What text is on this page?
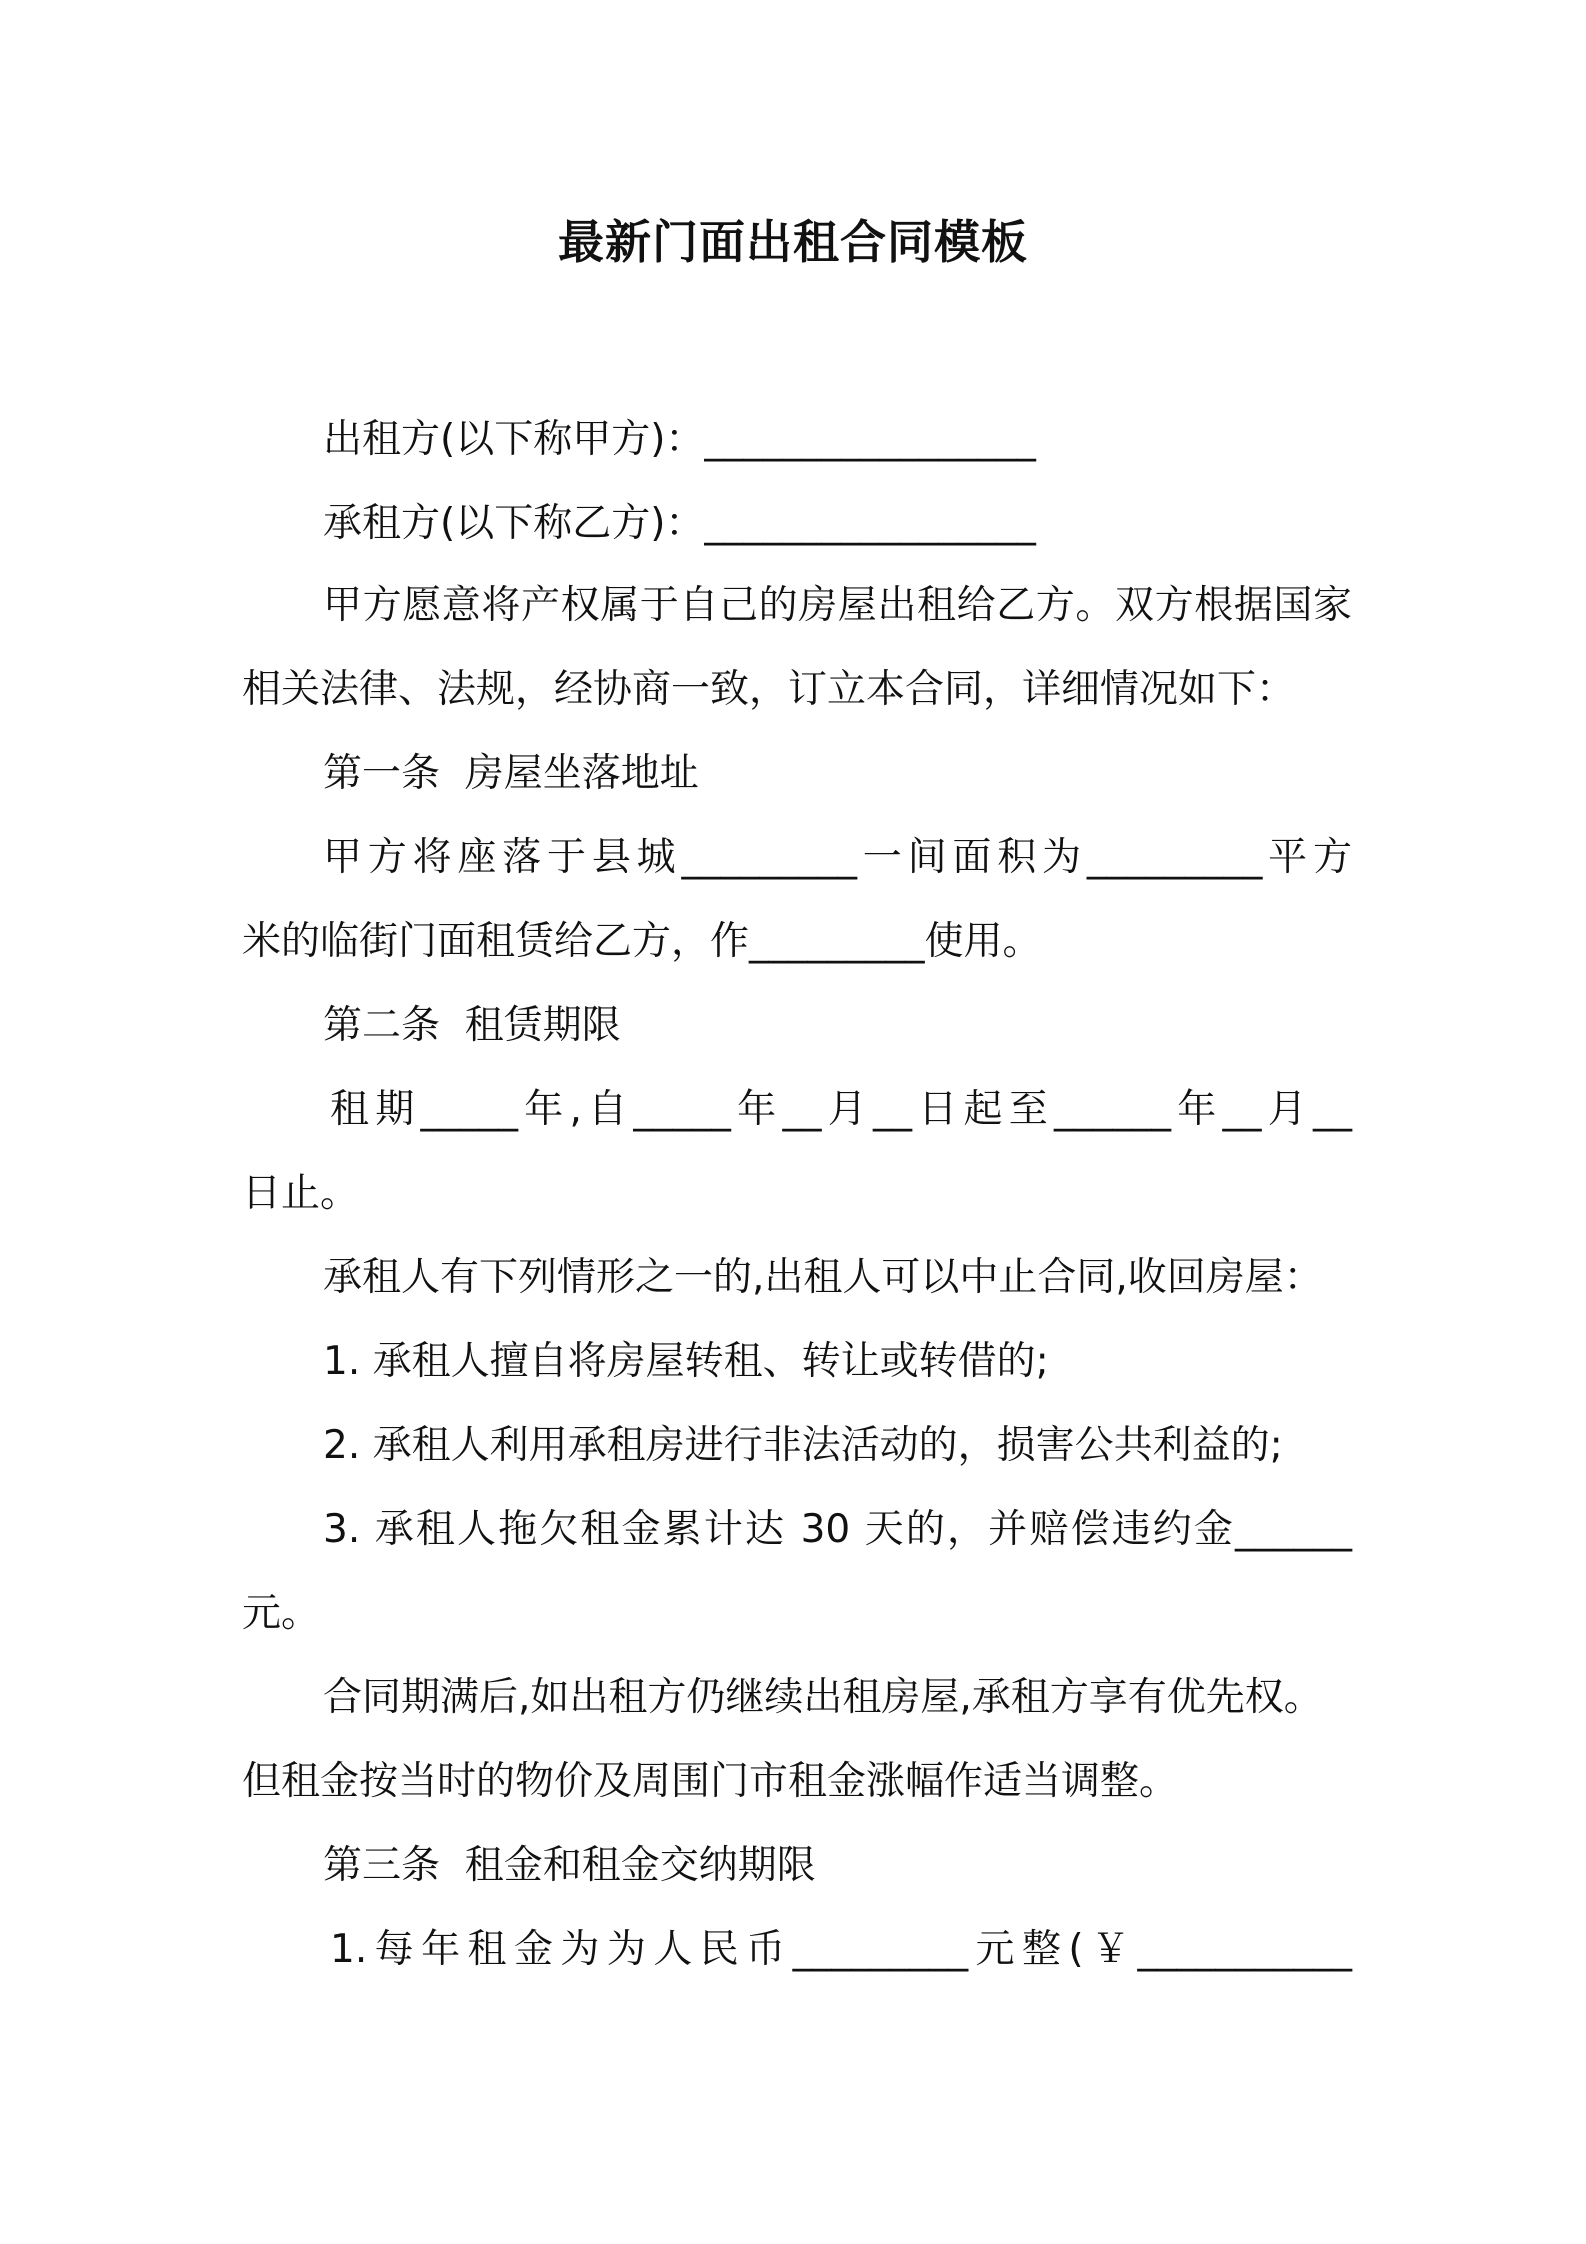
最新门面出租合同模板
出租方(以下称甲方)：_________________
承租方(以下称乙方)：_________________
甲方愿意将产权属于自己的房屋出租给乙方。双方根据国家
相关法律、法规，经协商一致，订立本合同，详细情况如下：
第一条  房屋坐落地址
甲方将座落于县城_________一间面积为_________平方
米的临街门面租赁给乙方，作_________使用。
第二条  租赁期限
租期_____年,自_____年__月__日起至______年__月__
日止。
承租人有下列情形之一的,出租人可以中止合同,收回房屋：
1. 承租人擅自将房屋转租、转让或转借的;
2. 承租人利用承租房进行非法活动的，损害公共利益的;
3. 承租人拖欠租金累计达 30 天的，并赔偿违约金______
元。
合同期满后,如出租方仍继续出租房屋,承租方享有优先权。
但租金按当时的物价及周围门市租金涨幅作适当调整。
第三条  租金和租金交纳期限
1.每年租金为为人民币_________元整(￥___________
